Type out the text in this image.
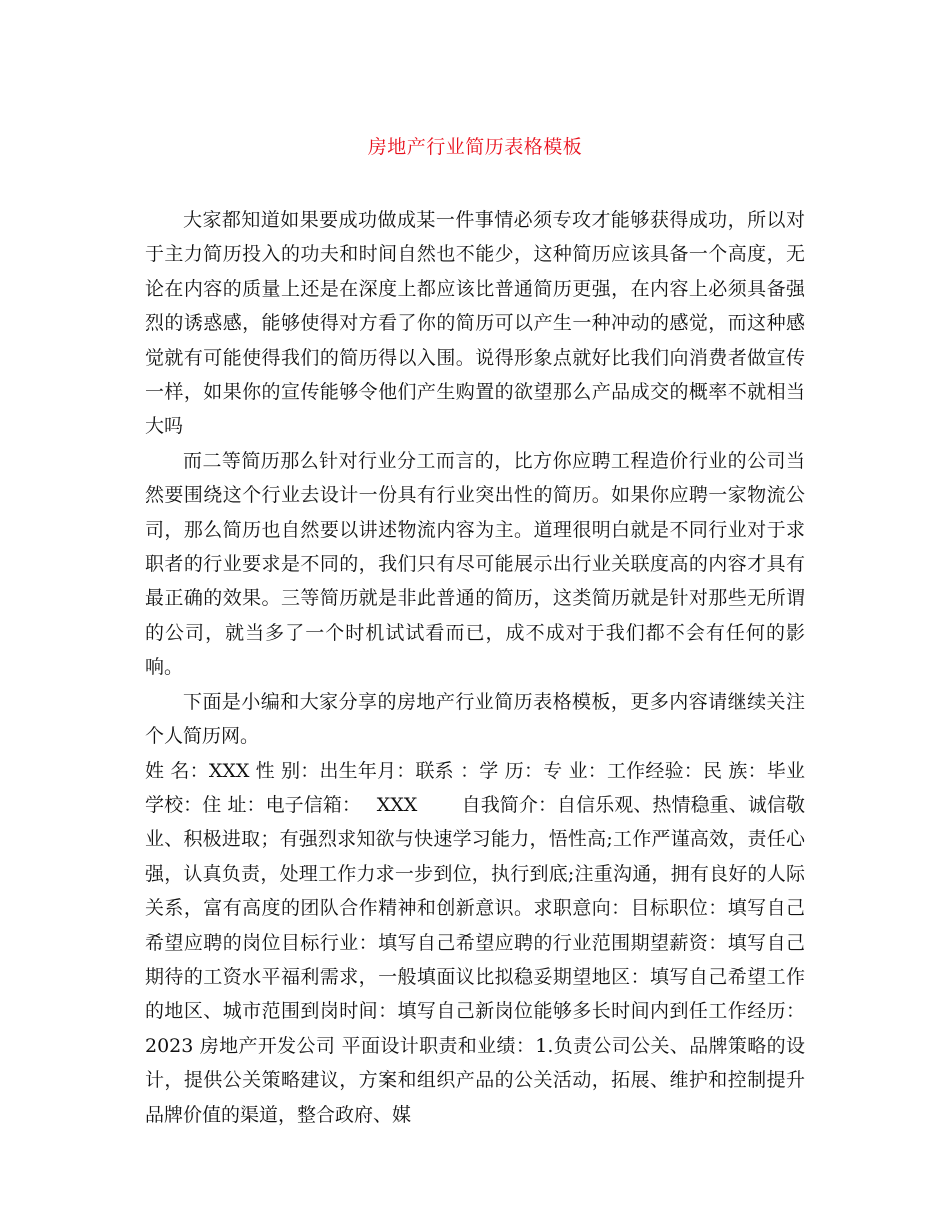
房地产行业简历表格模板

大家都知道如果要成功做成某一件事情必须专攻才能够获得成功，所以对于主力简历投入的功夫和时间自然也不能少，这种简历应该具备一个高度，无论在内容的质量上还是在深度上都应该比普通简历更强，在内容上必须具备强烈的诱惑感，能够使得对方看了你的简历可以产生一种冲动的感觉，而这种感觉就有可能使得我们的简历得以入围。说得形象点就好比我们向消费者做宣传一样，如果你的宣传能够令他们产生购置的欲望那么产品成交的概率不就相当大吗

而二等简历那么针对行业分工而言的，比方你应聘工程造价行业的公司当然要围绕这个行业去设计一份具有行业突出性的简历。如果你应聘一家物流公司，那么简历也自然要以讲述物流内容为主。道理很明白就是不同行业对于求职者的行业要求是不同的，我们只有尽可能展示出行业关联度高的内容才具有最正确的效果。三等简历就是非此普通的简历，这类简历就是针对那些无所谓的公司，就当多了一个时机试试看而已，成不成对于我们都不会有任何的影响。

下面是小编和大家分享的房地产行业简历表格模板，更多内容请继续关注个人简历网。

姓 名：XXX 性 别：出生年月：联系 ：学 历：专 业：工作经验：民 族：毕业学校：住 址：电子信箱：　 XXX　　 自我简介：自信乐观、热情稳重、诚信敬业、积极进取；有强烈求知欲与快速学习能力，悟性高;工作严谨高效，责任心强，认真负责，处理工作力求一步到位，执行到底;注重沟通，拥有良好的人际关系，富有高度的团队合作精神和创新意识。求职意向：目标职位：填写自己希望应聘的岗位目标行业：填写自己希望应聘的行业范围期望薪资：填写自己期待的工资水平福利需求，一般填面议比拟稳妥期望地区：填写自己希望工作的地区、城市范围到岗时间：填写自己新岗位能够多长时间内到任工作经历：2023 房地产开发公司 平面设计职责和业绩：1.负责公司公关、品牌策略的设计，提供公关策略建议，方案和组织产品的公关活动，拓展、维护和控制提升品牌价值的渠道，整合政府、媒
